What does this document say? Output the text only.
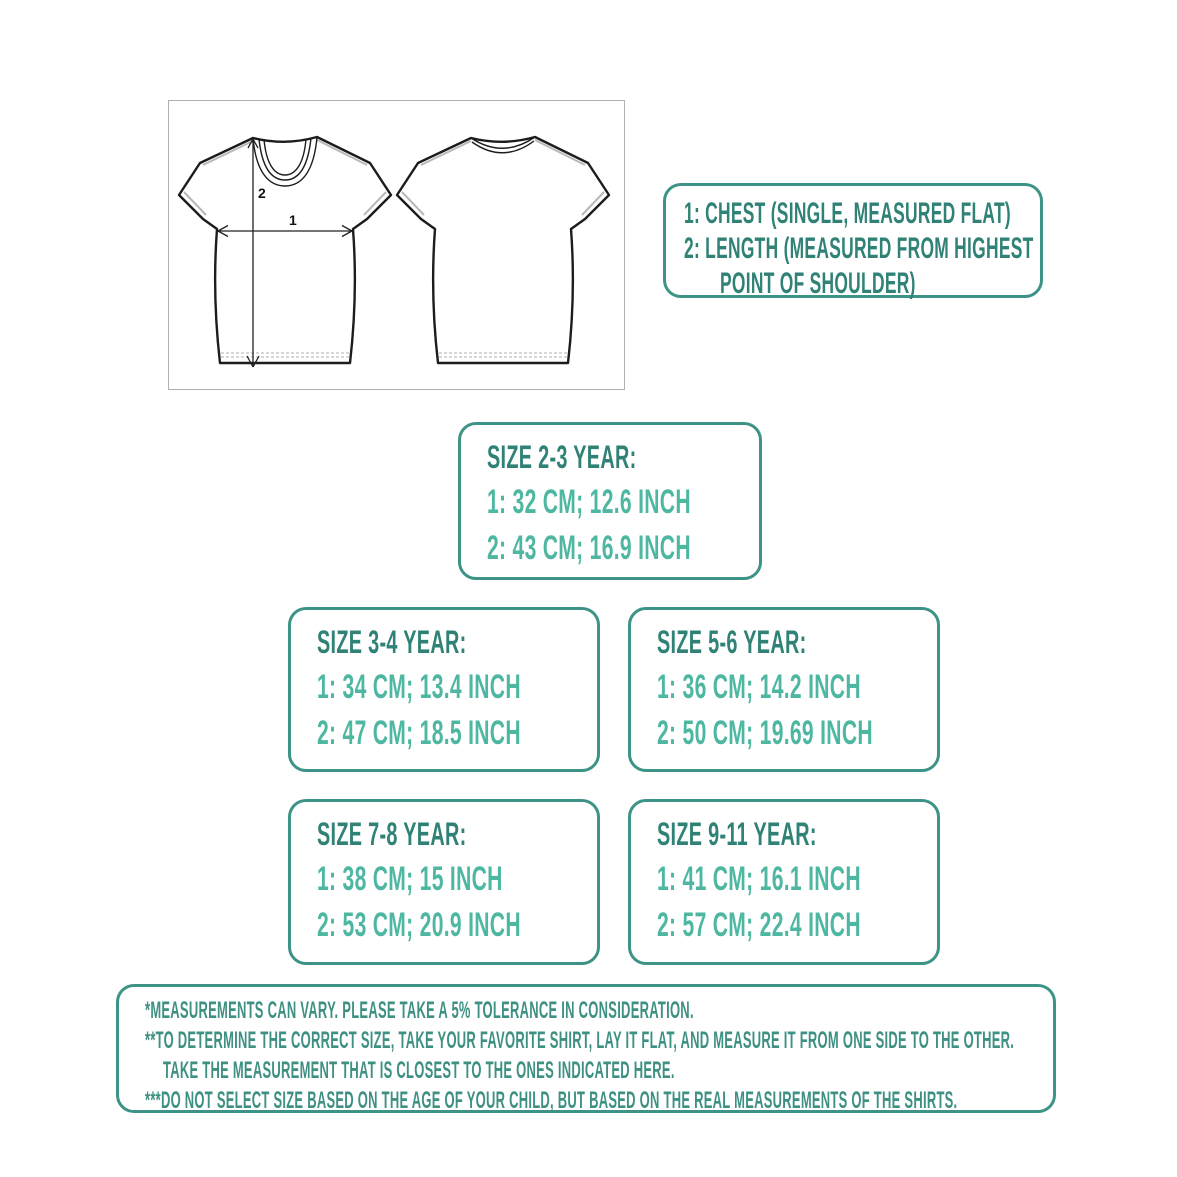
2
1	1: CHEST (SINGLE, MEASURED FLAT)
2: LENGTH (MEASURED FROM HIGHEST
POINT OF SHOULDER)
SIZE 2-3 YEAR:
1: 32 CM; 12.6 INCH
2: 43 CM; 16.9 INCH
SIZE 3-4 YEAR:
1: 34 CM; 13.4 INCH
2: 47 CM; 18.5 INCH
SIZE 5-6 YEAR:
1: 36 CM; 14.2 INCH
2: 50 CM; 19.69 INCH
SIZE 7-8 YEAR:
1: 38 CM; 15 INCH
2: 53 CM; 20.9 INCH
SIZE 9-11 YEAR:
1: 41 CM; 16.1 INCH
2: 57 CM; 22.4 INCH
*MEASUREMENTS CAN VARY. PLEASE TAKE A 5% TOLERANCE IN CONSIDERATION.
**TO DETERMINE THE CORRECT SIZE, TAKE YOUR FAVORITE SHIRT, LAY IT FLAT, AND MEASURE IT FROM ONE SIDE TO THE OTHER.
TAKE THE MEASUREMENT THAT IS CLOSEST TO THE ONES INDICATED HERE.
***DO NOT SELECT SIZE BASED ON THE AGE OF YOUR CHILD, BUT BASED ON THE REAL MEASUREMENTS OF THE SHIRTS.
